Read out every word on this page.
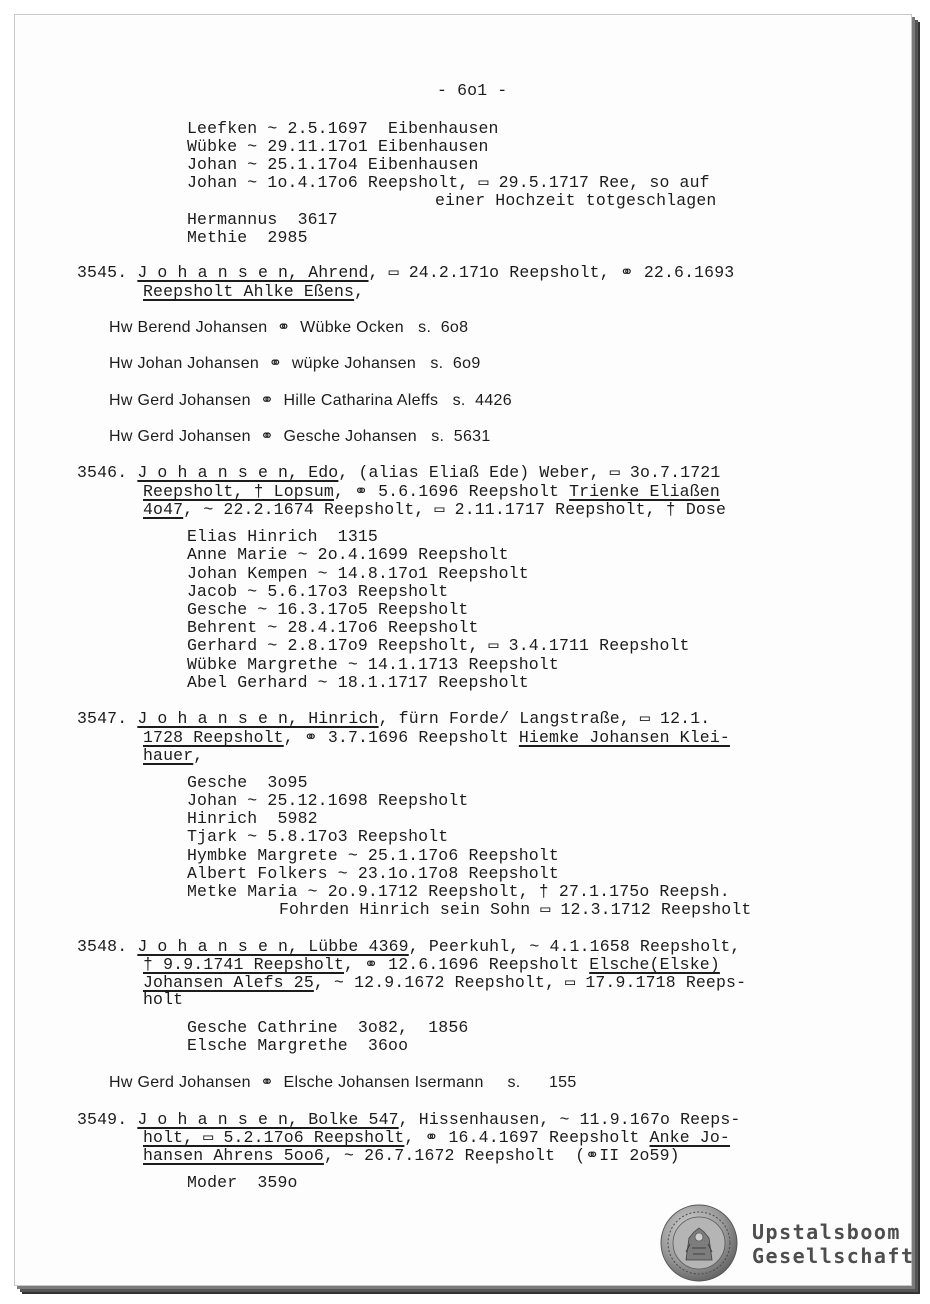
- 6o1 -
Leefken ~ 2.5.1697  Eibenhausen
Wübke ~ 29.11.17o1 Eibenhausen
Johan ~ 25.1.17o4 Eibenhausen
Johan ~ 1o.4.17o6 Reepsholt, ▭ 29.5.1717 Ree, so auf
einer Hochzeit totgeschlagen
Hermannus  3617
Methie  2985
3545. J o h a n s e n, Ahrend, ▭ 24.2.171o Reepsholt, ⚭ 22.6.1693
Reepsholt Ahlke Eßens,
Hw Berend Johansen ⚭ Wübke Ocken s. 6o8
Hw Johan Johansen ⚭ wüpke Johansen s. 6o9
Hw Gerd Johansen ⚭ Hille Catharina Aleffs s. 4426
Hw Gerd Johansen ⚭ Gesche Johansen s. 5631
3546. J o h a n s e n, Edo, (alias Eliaß Ede) Weber, ▭ 3o.7.1721
Reepsholt, † Lopsum, ⚭ 5.6.1696 Reepsholt Trienke Eliaßen
4o47, ~ 22.2.1674 Reepsholt, ▭ 2.11.1717 Reepsholt, † Dose
Elias Hinrich  1315
Anne Marie ~ 2o.4.1699 Reepsholt
Johan Kempen ~ 14.8.17o1 Reepsholt
Jacob ~ 5.6.17o3 Reepsholt
Gesche ~ 16.3.17o5 Reepsholt
Behrent ~ 28.4.17o6 Reepsholt
Gerhard ~ 2.8.17o9 Reepsholt, ▭ 3.4.1711 Reepsholt
Wübke Margrethe ~ 14.1.1713 Reepsholt
Abel Gerhard ~ 18.1.1717 Reepsholt
3547. J o h a n s e n, Hinrich, fürn Forde/ Langstraße, ▭ 12.1.
1728 Reepsholt, ⚭ 3.7.1696 Reepsholt Hiemke Johansen Klei-
hauer,
Gesche  3o95
Johan ~ 25.12.1698 Reepsholt
Hinrich  5982
Tjark ~ 5.8.17o3 Reepsholt
Hymbke Margrete ~ 25.1.17o6 Reepsholt
Albert Folkers ~ 23.1o.17o8 Reepsholt
Metke Maria ~ 2o.9.1712 Reepsholt, † 27.1.175o Reepsh.
Fohrden Hinrich sein Sohn ▭ 12.3.1712 Reepsholt
3548. J o h a n s e n, Lübbe 4369, Peerkuhl, ~ 4.1.1658 Reepsholt,
† 9.9.1741 Reepsholt, ⚭ 12.6.1696 Reepsholt Elsche(Elske)
Johansen Alefs 25, ~ 12.9.1672 Reepsholt, ▭ 17.9.1718 Reeps-
holt
Gesche Cathrine  3o82,  1856
Elsche Margrethe  36oo
Hw Gerd Johansen ⚭ Elsche Johansen Isermann s. 155
3549. J o h a n s e n, Bolke 547, Hissenhausen, ~ 11.9.167o Reeps-
holt, ▭ 5.2.17o6 Reepsholt, ⚭ 16.4.1697 Reepsholt Anke Jo-
hansen Ahrens 5oo6, ~ 26.7.1672 Reepsholt  (⚭II 2o59)
Moder  359o
Upstalsboom
Gesellschaft
